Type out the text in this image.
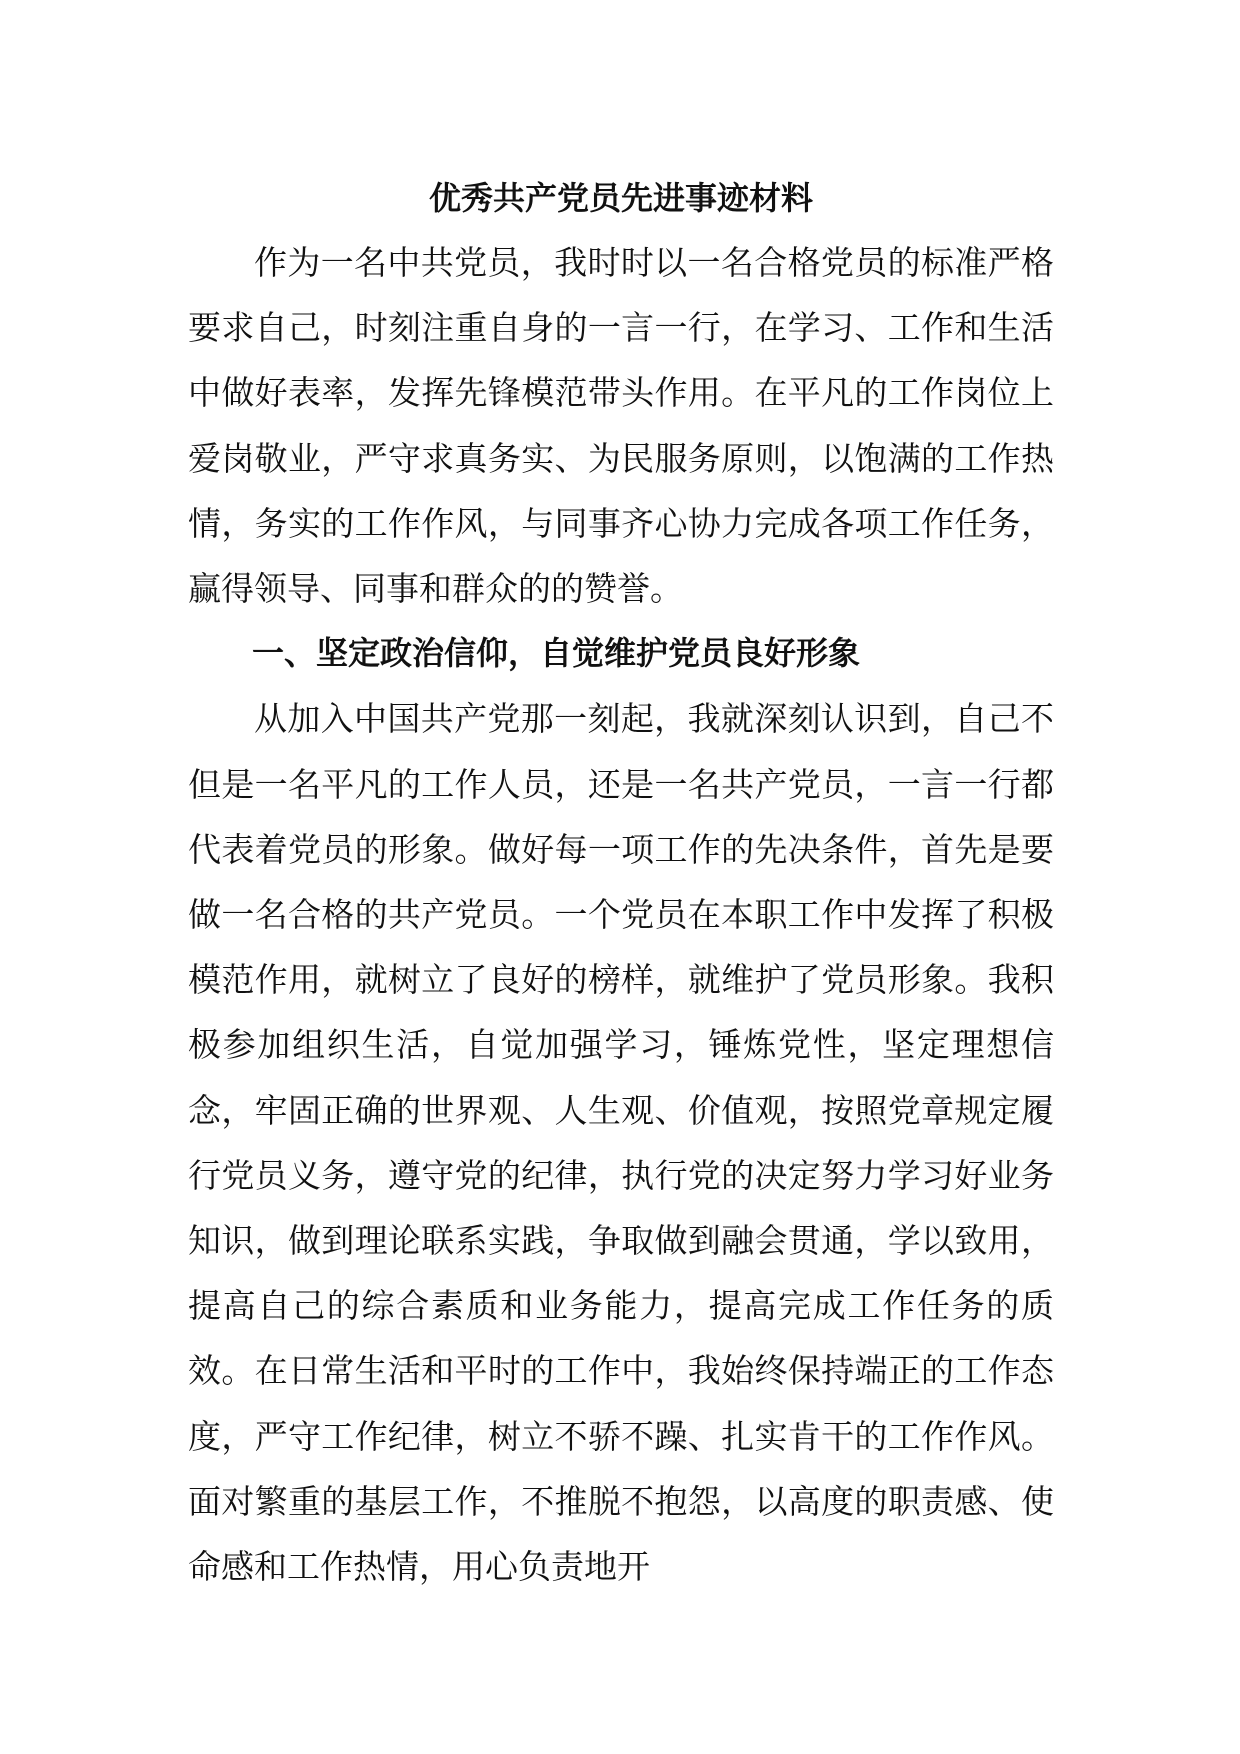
优秀共产党员先进事迹材料

作为一名中共党员，我时时以一名合格党员的标准严格要求自己，时刻注重自身的一言一行，在学习、工作和生活中做好表率，发挥先锋模范带头作用。在平凡的工作岗位上爱岗敬业，严守求真务实、为民服务原则，以饱满的工作热情，务实的工作作风，与同事齐心协力完成各项工作任务，赢得领导、同事和群众的的赞誉。

一、坚定政治信仰，自觉维护党员良好形象

从加入中国共产党那一刻起，我就深刻认识到，自己不但是一名平凡的工作人员，还是一名共产党员，一言一行都代表着党员的形象。做好每一项工作的先决条件，首先是要做一名合格的共产党员。一个党员在本职工作中发挥了积极模范作用，就树立了良好的榜样，就维护了党员形象。我积极参加组织生活，自觉加强学习，锤炼党性，坚定理想信念，牢固正确的世界观、人生观、价值观，按照党章规定履行党员义务，遵守党的纪律，执行党的决定努力学习好业务知识，做到理论联系实践，争取做到融会贯通，学以致用，提高自己的综合素质和业务能力，提高完成工作任务的质效。在日常生活和平时的工作中，我始终保持端正的工作态度，严守工作纪律，树立不骄不躁、扎实肯干的工作作风。面对繁重的基层工作，不推脱不抱怨，以高度的职责感、使命感和工作热情，用心负责地开
